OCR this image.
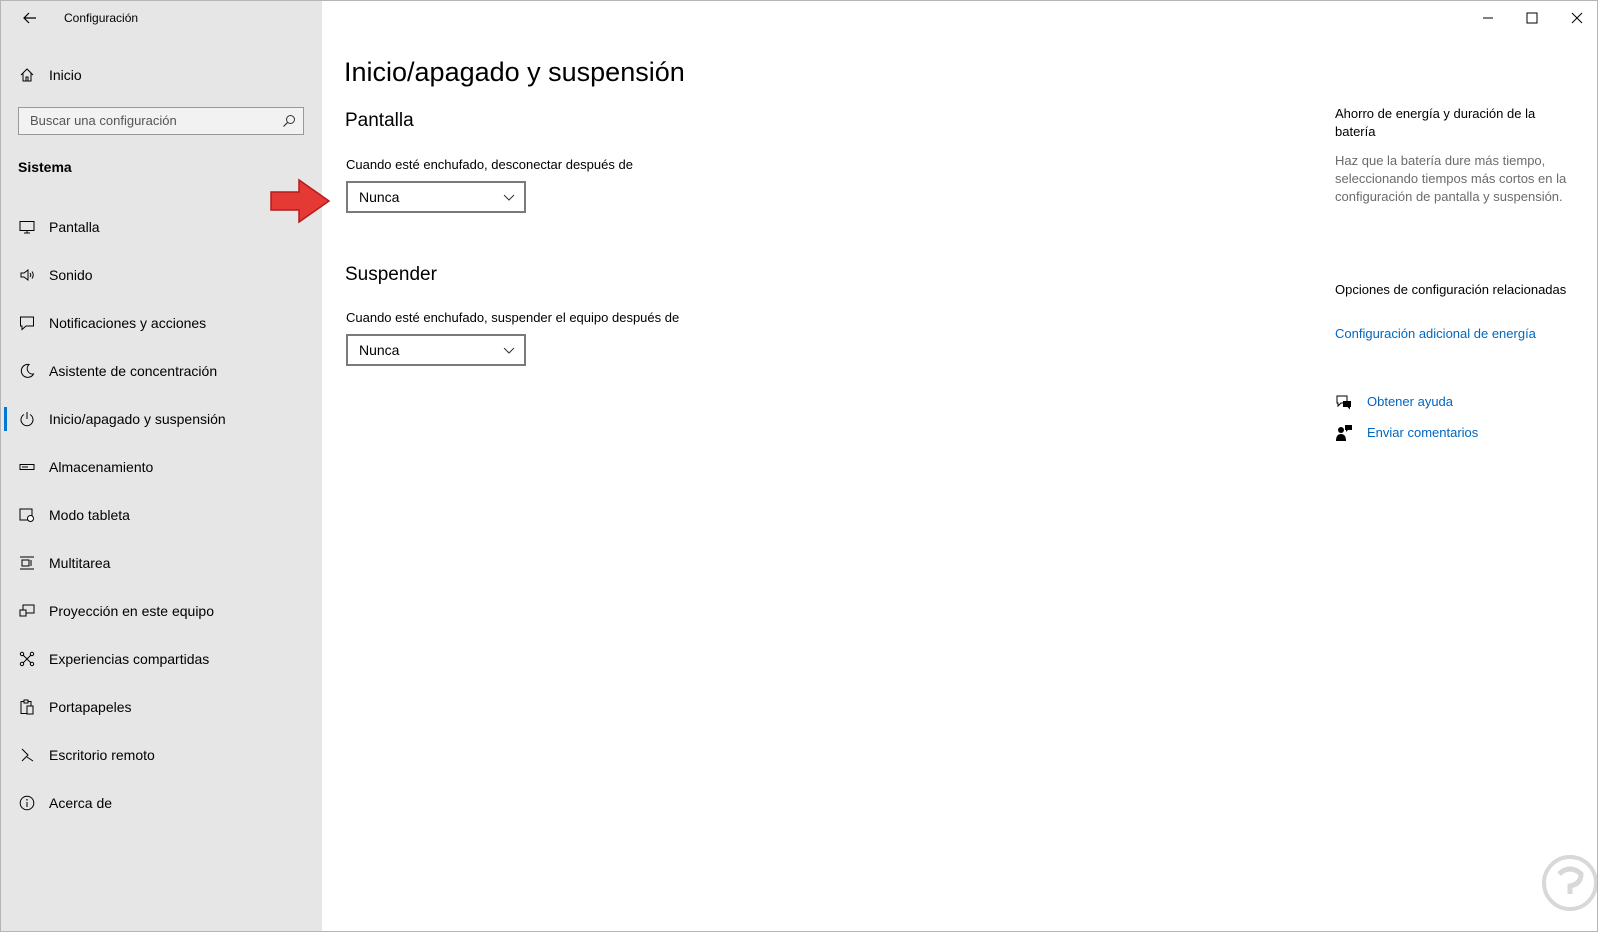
Configuración
Inicio
Buscar una configuración
Sistema
Pantalla
Sonido
Notificaciones y acciones
Asistente de concentración
Inicio/apagado y suspensión
Almacenamiento
Modo tableta
Multitarea
Proyección en este equipo
Experiencias compartidas
Portapapeles
Escritorio remoto
Acerca de
Inicio/apagado y suspensión
Pantalla
Cuando esté enchufado, desconectar después de
Nunca
Suspender
Cuando esté enchufado, suspender el equipo después de
Nunca
Ahorro de energía y duración de la batería
Haz que la batería dure más tiempo, seleccionando tiempos más cortos en la configuración de pantalla y suspensión.
Opciones de configuración relacionadas
Configuración adicional de energía
Obtener ayuda
Enviar comentarios
